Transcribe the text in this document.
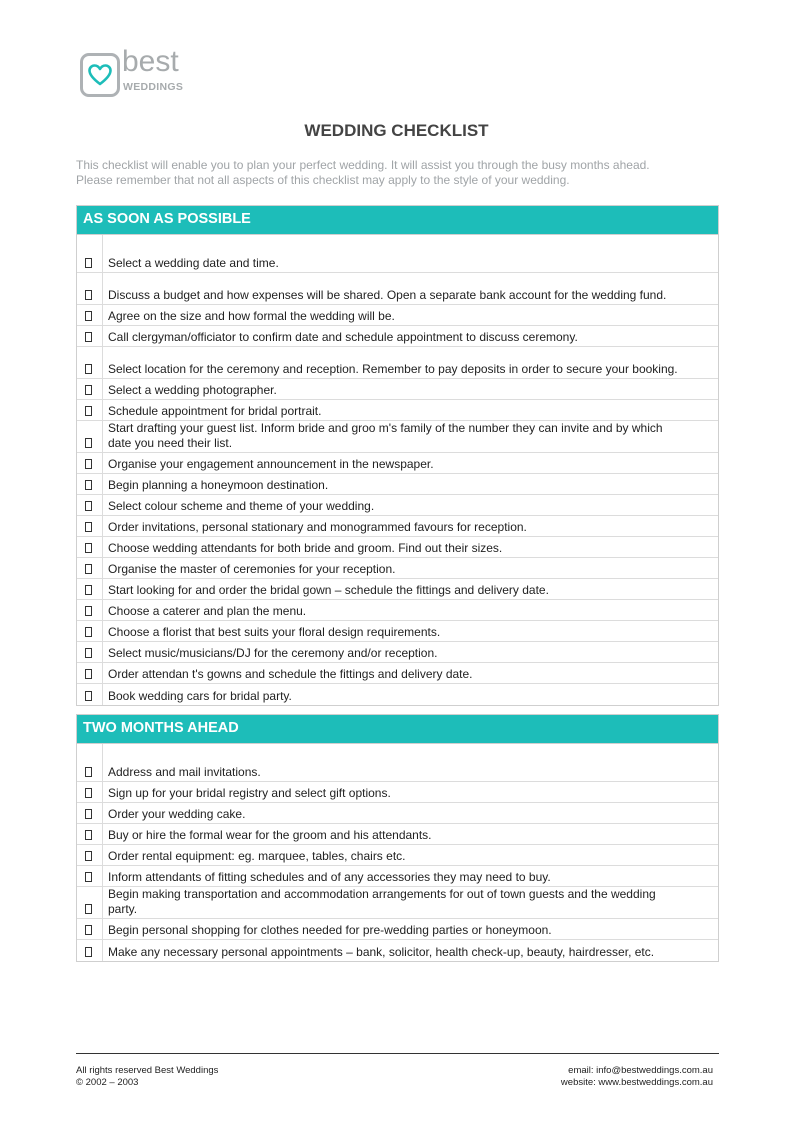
best
WEDDINGS
WEDDING CHECKLIST
This checklist will enable you to plan your perfect wedding. It will assist you through the busy months ahead.
Please remember that not all aspects of this checklist may apply to the style of your wedding.
AS SOON AS POSSIBLE
Select a wedding date and time.
Discuss a budget and how expenses will be shared. Open a separate bank account for the wedding fund.
Agree on the size and how formal the wedding will be.
Call clergyman/officiator to confirm date and schedule appointment to discuss ceremony.
Select location for the ceremony and reception. Remember to pay deposits in order to secure your booking.
Select a wedding photographer.
Schedule appointment for bridal portrait.
Start drafting your guest list. Inform bride and groo m's family of the number they can invite and by which date you need their list.
Organise your engagement announcement in the newspaper.
Begin planning a honeymoon destination.
Select colour scheme and theme of your wedding.
Order invitations, personal stationary and monogrammed favours for reception.
Choose wedding attendants for both bride and groom. Find out their sizes.
Organise the master of ceremonies for your reception.
Start looking for and order the bridal gown – schedule the fittings and delivery date.
Choose a caterer and plan the menu.
Choose a florist that best suits your floral design requirements.
Select music/musicians/DJ for the ceremony and/or reception.
Order attendan t's gowns and schedule the fittings and delivery date.
Book wedding cars for bridal party.
TWO MONTHS AHEAD
Address and mail invitations.
Sign up for your bridal registry and select gift options.
Order your wedding cake.
Buy or hire the formal wear for the groom and his attendants.
Order rental equipment: eg. marquee, tables, chairs etc.
Inform attendants of fitting schedules and of any accessories they may need to buy.
Begin making transportation and accommodation arrangements for out of town guests and the wedding party.
Begin personal shopping for clothes needed for pre-wedding parties or honeymoon.
Make any necessary personal appointments – bank, solicitor, health check-up, beauty, hairdresser, etc.
All rights reserved Best Weddings
© 2002 – 2003
email: info@bestweddings.com.au
website: www.bestweddings.com.au
